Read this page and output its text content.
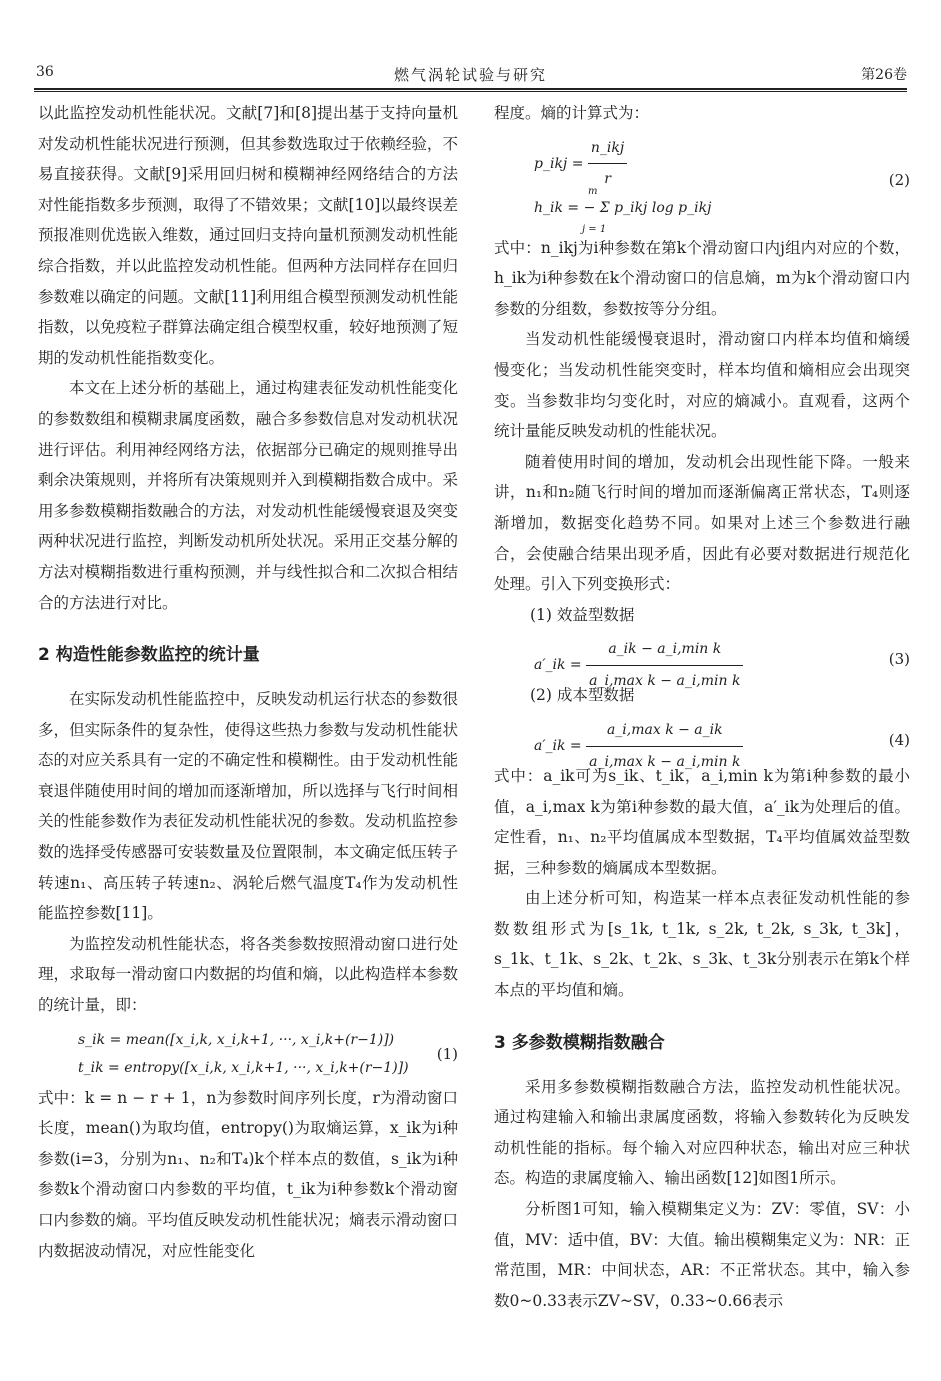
36	燃气涡轮试验与研究	第26卷

以此监控发动机性能状况。文献[7]和[8]提出基于支持向量机对发动机性能状况进行预测，但其参数选取过于依赖经验，不易直接获得。文献[9]采用回归树和模糊神经网络结合的方法对性能指数多步预测，取得了不错效果；文献[10]以最终误差预报准则优选嵌入维数，通过回归支持向量机预测发动机性能综合指数，并以此监控发动机性能。但两种方法同样存在回归参数难以确定的问题。文献[11]利用组合模型预测发动机性能指数，以免疫粒子群算法确定组合模型权重，较好地预测了短期的发动机性能指数变化。

本文在上述分析的基础上，通过构建表征发动机性能变化的参数数组和模糊隶属度函数，融合多参数信息对发动机状况进行评估。利用神经网络方法，依据部分已确定的规则推导出剩余决策规则，并将所有决策规则并入到模糊指数合成中。采用多参数模糊指数融合的方法，对发动机性能缓慢衰退及突变两种状况进行监控，判断发动机所处状况。采用正交基分解的方法对模糊指数进行重构预测，并与线性拟合和二次拟合相结合的方法进行对比。

2 构造性能参数监控的统计量

在实际发动机性能监控中，反映发动机运行状态的参数很多，但实际条件的复杂性，使得这些热力参数与发动机性能状态的对应关系具有一定的不确定性和模糊性。由于发动机性能衰退伴随使用时间的增加而逐渐增加，所以选择与飞行时间相关的性能参数作为表征发动机性能状况的参数。发动机监控参数的选择受传感器可安装数量及位置限制，本文确定低压转子转速n₁、高压转子转速n₂、涡轮后燃气温度T₄作为发动机性能监控参数[11]。

为监控发动机性能状态，将各类参数按照滑动窗口进行处理，求取每一滑动窗口内数据的均值和熵，以此构造样本参数的统计量，即：

s_ik = mean([x_i,k, x_i,k+1, ···, x_i,k+(r−1)])
t_ik = entropy([x_i,k, x_i,k+1, ···, x_i,k+(r−1)])
(1)

式中：k = n − r + 1，n为参数时间序列长度，r为滑动窗口长度，mean()为取均值，entropy()为取熵运算，x_ik为i种参数(i=3，分别为n₁、n₂和T₄)k个样本点的数值，s_ik为i种参数k个滑动窗口内参数的平均值，t_ik为i种参数k个滑动窗口内参数的熵。平均值反映发动机性能状况；熵表示滑动窗口内数据波动情况，对应性能变化

程度。熵的计算式为：

p_ikj = $\frac{\text{n\_ikj}}{r}$
m
h_ik = − Σ p_ikj log p_ikj
j = 1
(2)

式中：n_ikj为i种参数在第k个滑动窗口内j组内对应的个数，h_ik为i种参数在k个滑动窗口的信息熵，m为k个滑动窗口内参数的分组数，参数按等分分组。

当发动机性能缓慢衰退时，滑动窗口内样本均值和熵缓慢变化；当发动机性能突变时，样本均值和熵相应会出现突变。当参数非均匀变化时，对应的熵减小。直观看，这两个统计量能反映发动机的性能状况。

随着使用时间的增加，发动机会出现性能下降。一般来讲，n₁和n₂随飞行时间的增加而逐渐偏离正常状态，T₄则逐渐增加，数据变化趋势不同。如果对上述三个参数进行融合，会使融合结果出现矛盾，因此有必要对数据进行规范化处理。引入下列变换形式：

(1) 效益型数据
a′_ik = $\frac{\text{a\_ik − a\_i,min k}}{\text{a\_i,max k − a\_i,min k}}$	(3)
(2) 成本型数据
a′_ik = $\frac{\text{a\_i,max k − a\_ik}}{\text{a\_i,max k − a\_i,min k}}$	(4)

式中：a_ik可为s_ik、t_ik，a_i,min k为第i种参数的最小值，a_i,max k为第i种参数的最大值，a′_ik为处理后的值。定性看，n₁、n₂平均值属成本型数据，T₄平均值属效益型数据，三种参数的熵属成本型数据。

由上述分析可知，构造某一样本点表征发动机性能的参数数组形式为[s_1k, t_1k, s_2k, t_2k, s_3k, t_3k]，s_1k、t_1k、s_2k、t_2k、s_3k、t_3k分别表示在第k个样本点的平均值和熵。

3 多参数模糊指数融合

采用多参数模糊指数融合方法，监控发动机性能状况。通过构建输入和输出隶属度函数，将输入参数转化为反映发动机性能的指标。每个输入对应四种状态，输出对应三种状态。构造的隶属度输入、输出函数[12]如图1所示。

分析图1可知，输入模糊集定义为：ZV：零值，SV：小值，MV：适中值，BV：大值。输出模糊集定义为：NR：正常范围，MR：中间状态，AR：不正常状态。其中，输入参数0~0.33表示ZV~SV，0.33~0.66表示
